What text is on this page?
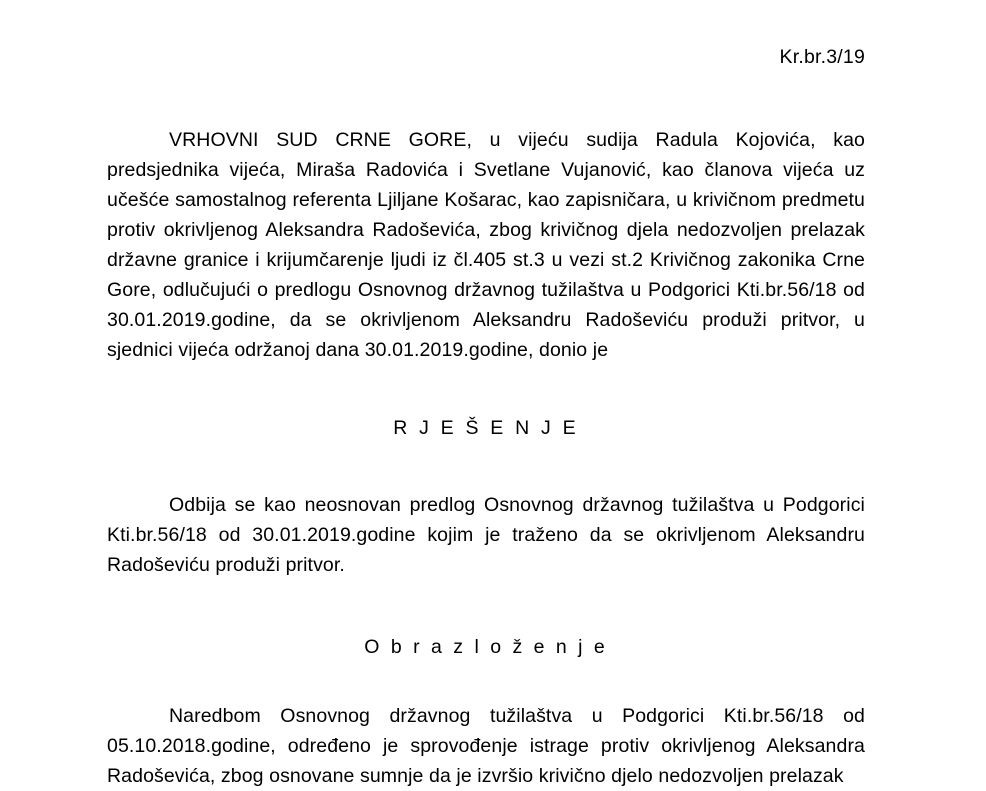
Kr.br.3/19
VRHOVNI SUD CRNE GORE, u vijeću sudija Radula Kojovića, kao predsjednika vijeća, Miraša Radovića i Svetlane Vujanović, kao članova vijeća uz učešće samostalnog referenta Ljiljane Košarac, kao zapisničara, u krivičnom predmetu protiv okrivljenog Aleksandra Radoševića, zbog krivičnog djela nedozvoljen prelazak državne granice i krijumčarenje ljudi iz čl.405 st.3 u vezi st.2 Krivičnog zakonika Crne Gore, odlučujući o predlogu Osnovnog državnog tužilaštva u Podgorici Kti.br.56/18 od 30.01.2019.godine, da se okrivljenom Aleksandru Radoševiću produži pritvor, u sjednici vijeća održanoj dana 30.01.2019.godine, donio je
R J E Š E N J E
Odbija se kao neosnovan predlog Osnovnog državnog tužilaštva u Podgorici Kti.br.56/18 od 30.01.2019.godine kojim je traženo da se okrivljenom Aleksandru Radoševiću produži pritvor.
O b r a z l o ž e n j e
Naredbom Osnovnog državnog tužilaštva u Podgorici Kti.br.56/18 od 05.10.2018.godine, određeno je sprovođenje istrage protiv okrivljenog Aleksandra Radoševića, zbog osnovane sumnje da je izvršio krivično djelo nedozvoljen prelazak
